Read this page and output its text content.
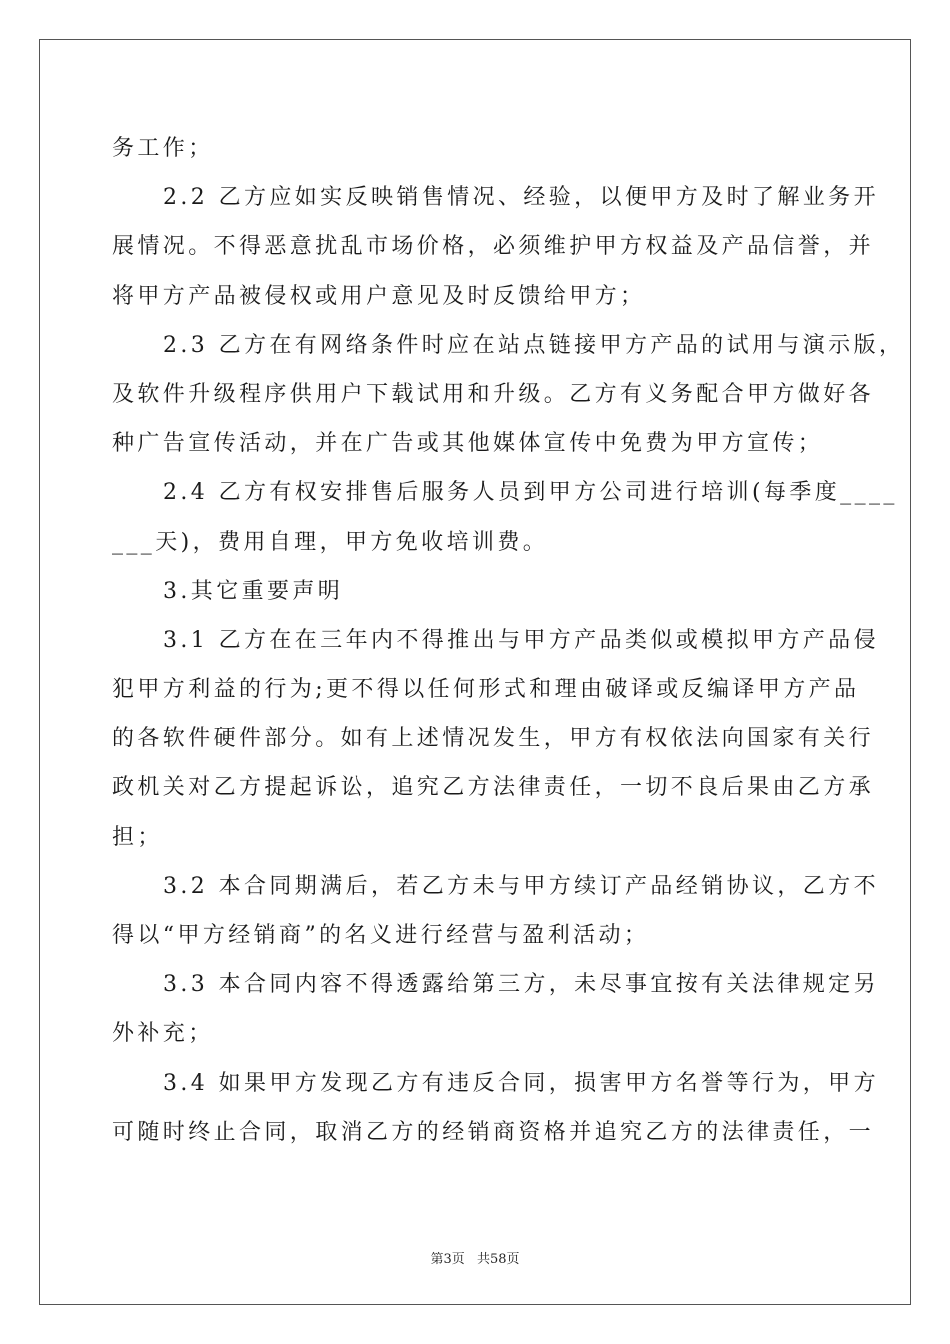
务工作；
2.2 乙方应如实反映销售情况、经验，以便甲方及时了解业务开
展情况。不得恶意扰乱市场价格，必须维护甲方权益及产品信誉，并
将甲方产品被侵权或用户意见及时反馈给甲方；
2.3 乙方在有网络条件时应在站点链接甲方产品的试用与演示版，
及软件升级程序供用户下载试用和升级。乙方有义务配合甲方做好各
种广告宣传活动，并在广告或其他媒体宣传中免费为甲方宣传；
2.4 乙方有权安排售后服务人员到甲方公司进行培训(每季度____
___天)，费用自理，甲方免收培训费。
3.其它重要声明
3.1 乙方在在三年内不得推出与甲方产品类似或模拟甲方产品侵
犯甲方利益的行为;更不得以任何形式和理由破译或反编译甲方产品
的各软件硬件部分。如有上述情况发生，甲方有权依法向国家有关行
政机关对乙方提起诉讼，追究乙方法律责任，一切不良后果由乙方承
担；
3.2 本合同期满后，若乙方未与甲方续订产品经销协议，乙方不
得以“甲方经销商”的名义进行经营与盈利活动；
3.3 本合同内容不得透露给第三方，未尽事宜按有关法律规定另
外补充；
3.4 如果甲方发现乙方有违反合同，损害甲方名誉等行为，甲方
可随时终止合同，取消乙方的经销商资格并追究乙方的法律责任，一
第3页 共58页
